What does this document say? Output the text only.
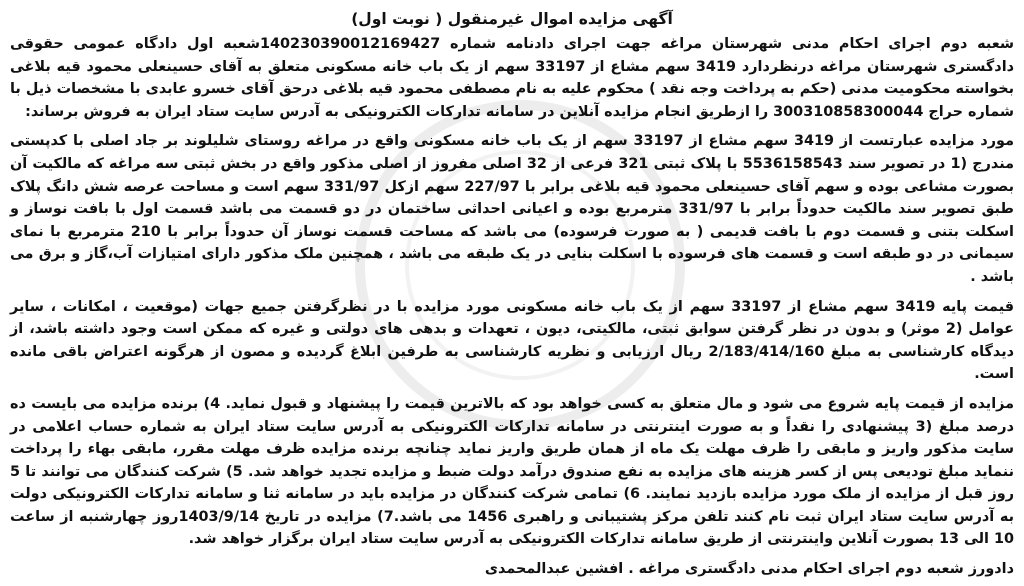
آگهی مزایده اموال غیرمنقول ( نوبت اول)

شعبه دوم اجرای احکام مدنی شهرستان مراغه جهت اجرای دادنامه شماره 140230390012169427شعبه اول دادگاه عمومی حقوقی دادگستری شهرستان مراغه درنظردارد 3419 سهم مشاع از 33197 سهم از یک باب خانه مسکونی متعلق به آقای حسینعلی محمود قیه بلاغی بخواسته محکومیت مدنی (حکم به پرداخت وجه نقد ) محکوم علیه به نام مصطفی محمود قیه بلاغی درحق آقای خسرو عابدی با مشخصات ذیل با شماره حراج 300310858300044 را ازطریق انجام مزایده آنلاین در سامانه تدارکات الکترونیکی به آدرس سایت ستاد ایران به فروش برساند:

مورد مزایده عبارتست از 3419 سهم مشاع از 33197 سهم از یک باب خانه مسکونی واقع در مراغه روستای شلیلوند بر جاد اصلی با کدپستی مندرج (1 در تصویر سند 5536158543 با پلاک ثبتی 321 فرعی از 32 اصلی مفروز از اصلی مذکور واقع در بخش ثبتی سه مراغه که مالکیت آن بصورت مشاعی بوده و سهم آقای حسینعلی محمود قیه بلاغی برابر با 227/97 سهم ازکل 331/97 سهم است و مساحت عرصه شش دانگ پلاک طبق تصویر سند مالکیت حدوداً برابر با 331/97 مترمربع بوده و اعیانی احداثی ساختمان در دو قسمت می باشد قسمت اول با بافت نوساز و اسکلت بتنی و قسمت دوم با بافت قدیمی ( به صورت فرسوده) می باشد که مساحت قسمت نوساز آن حدوداً برابر با 210 مترمربع با نمای سیمانی در دو طبقه است و قسمت های فرسوده با اسکلت بنایی در یک طبقه می باشد ، همچنین ملک مذکور دارای امتیازات آب،گاز و برق می باشد .

قیمت پایه 3419 سهم مشاع از 33197 سهم از یک باب خانه مسکونی مورد مزایده با در نظرگرفتن جمیع جهات (موقعیت ، امکانات ، سایر عوامل (2 موثر) و بدون در نظر گرفتن سوابق ثبتی، مالکیتی، دیون ، تعهدات و بدهی های دولتی و غیره که ممکن است وجود داشته باشد، از دیدگاه کارشناسی به مبلغ 2/183/414/160 ریال ارزیابی و نظریه کارشناسی به طرفین ابلاغ گردیده و مصون از هرگونه اعتراض باقی مانده است.

مزایده از قیمت پایه شروع می شود و مال متعلق به کسی خواهد بود که بالاترین قیمت را پیشنهاد و قبول نماید. 4) برنده مزایده می بایست ده درصد مبلغ (3 پیشنهادی را نقداً و به صورت اینترنتی در سامانه تدارکات الکترونیکی به آدرس سایت ستاد ایران به شماره حساب اعلامی در سایت مذکور واریز و مابقی را ظرف مهلت یک ماه از همان طریق واریز نماید چنانچه برنده مزایده ظرف مهلت مقرر، مابقی بهاء را پرداخت ننماید مبلغ تودیعی پس از کسر هزینه های مزایده به نفع صندوق درآمد دولت ضبط و مزایده تجدید خواهد شد. 5) شرکت کنندگان می توانند تا 5 روز قبل از مزایده از ملک مورد مزایده بازدید نمایند. 6) تمامی شرکت کنندگان در مزایده باید در سامانه ثنا و سامانه تدارکات الکترونیکی دولت به آدرس سایت ستاد ایران ثبت نام کنند تلفن مرکز پشتیبانی و راهبری 1456 می باشد.7) مزایده در تاریخ 1403/9/14روز چهارشنبه از ساعت 10 الی 13 بصورت آنلاین واینترنتی از طریق سامانه تدارکات الکترونیکی به آدرس سایت ستاد ایران برگزار خواهد شد.

دادورز شعبه دوم اجرای احکام مدنی دادگستری مراغه . افشین عبدالمحمدی
